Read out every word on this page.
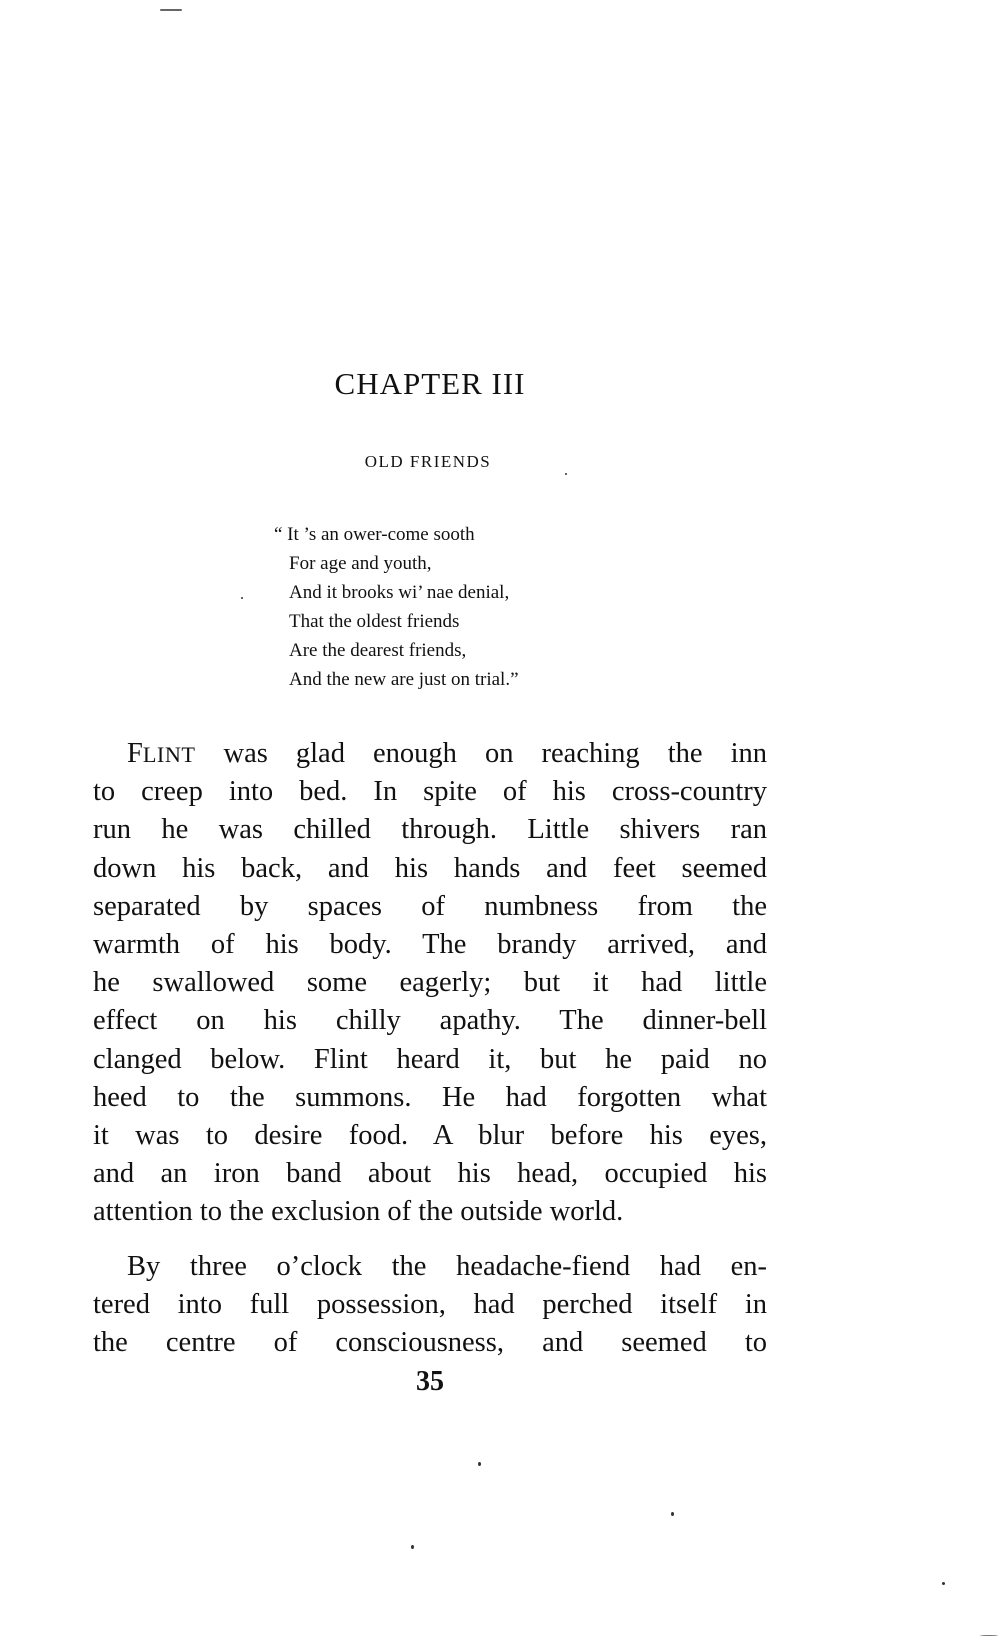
CHAPTER III
OLD FRIENDS
“ It ’s an ower-come sooth
For age and youth,
And it brooks wi’ nae denial,
That the oldest friends
Are the dearest friends,
And the new are just on trial.”
FLINT was glad enough on reaching the inn
to creep into bed. In spite of his cross-country
run he was chilled through. Little shivers ran
down his back, and his hands and feet seemed
separated by spaces of numbness from the
warmth of his body. The brandy arrived, and
he swallowed some eagerly; but it had little
effect on his chilly apathy. The dinner-bell
clanged below. Flint heard it, but he paid no
heed to the summons. He had forgotten what
it was to desire food. A blur before his eyes,
and an iron band about his head, occupied his
attention to the exclusion of the outside world.
By three o’clock the headache-fiend had en-
tered into full possession, had perched itself in
the centre of consciousness, and seemed to
35
